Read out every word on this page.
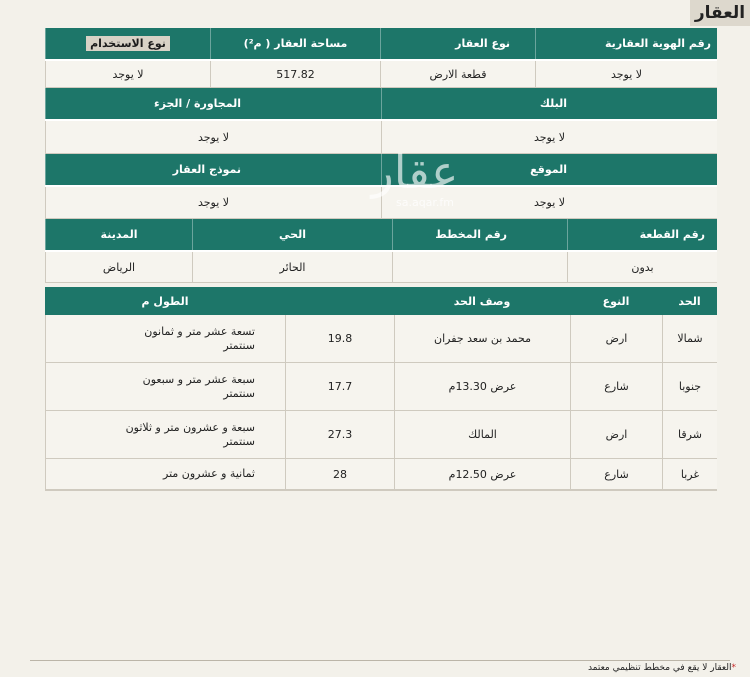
العقار
رقم الهوية العقارية
نوع العقار
مساحة العقار ( م²)
نوع الاستخدام
لا يوجد
قطعة الارض
517.82
لا يوجد
البلك
المجاورة / الجزء
لا يوجد
لا يوجد
الموقع
نموذج العقار
لا يوجد
لا يوجد
رقم القطعة
رقم المخطط
الحي
المدينة
بدون
الحائر
الرياض
عقار
sa.aqar.fm
الحد
النوع
وصف الحد
الطول م
شمالا
ارض
محمد بن سعد جفران
19.8
تسعة عشر متر و ثمانون سنتمتر
جنوبا
شارع
عرض 13.30م
17.7
سبعة عشر متر و سبعون سنتمتر
شرقا
ارض
المالك
27.3
سبعة و عشرون متر و ثلاثون سنتمتر
غربا
شارع
عرض 12.50م
28
ثمانية و عشرون متر
*العقار لا يقع في مخطط تنظيمي معتمد
